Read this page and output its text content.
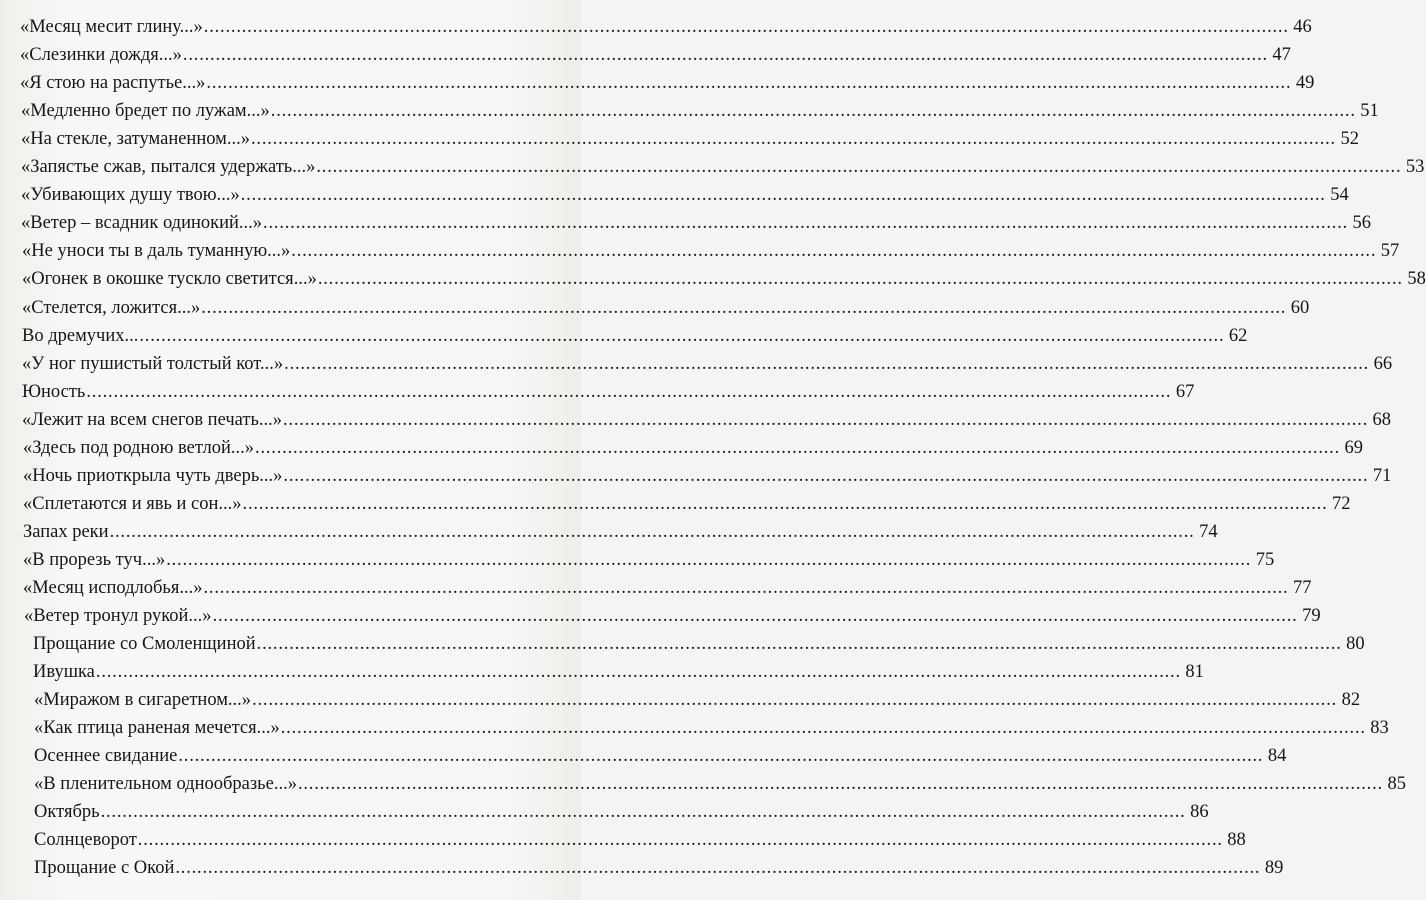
«Месяц месит глину...» ........................................................................................................................................................................................................ 46
«Слезинки дождя...» ........................................................................................................................................................................................................ 47
«Я стою на распутье...» ........................................................................................................................................................................................................ 49
«Медленно бредет по лужам...» ........................................................................................................................................................................................................ 51
«На стекле, затуманенном...» ........................................................................................................................................................................................................ 52
«Запястье сжав, пытался удержать...» ........................................................................................................................................................................................................ 53
«Убивающих душу твою...» ........................................................................................................................................................................................................ 54
«Ветер – всадник одинокий...» ........................................................................................................................................................................................................ 56
«Не уноси ты в даль туманную...» ........................................................................................................................................................................................................ 57
«Огонек в окошке тускло светится...» ........................................................................................................................................................................................................ 58
«Стелется, ложится...» ........................................................................................................................................................................................................ 60
Во дремучих... ........................................................................................................................................................................................................ 62
«У ног пушистый толстый кот...» ........................................................................................................................................................................................................ 66
Юность ........................................................................................................................................................................................................ 67
«Лежит на всем снегов печать...» ........................................................................................................................................................................................................ 68
«Здесь под родною ветлой...» ........................................................................................................................................................................................................ 69
«Ночь приоткрыла чуть дверь...» ........................................................................................................................................................................................................ 71
«Сплетаются и явь и сон...» ........................................................................................................................................................................................................ 72
Запах реки ........................................................................................................................................................................................................ 74
«В прорезь туч...» ........................................................................................................................................................................................................ 75
«Месяц исподлобья...» ........................................................................................................................................................................................................ 77
«Ветер тронул рукой...» ........................................................................................................................................................................................................ 79
Прощание со Смоленщиной ........................................................................................................................................................................................................ 80
Ивушка ........................................................................................................................................................................................................ 81
«Миражом в сигаретном...» ........................................................................................................................................................................................................ 82
«Как птица раненая мечется...» ........................................................................................................................................................................................................ 83
Осеннее свидание ........................................................................................................................................................................................................ 84
«В пленительном однообразье...» ........................................................................................................................................................................................................ 85
Октябрь ........................................................................................................................................................................................................ 86
Солнцеворот ........................................................................................................................................................................................................ 88
Прощание с Окой ........................................................................................................................................................................................................ 89
